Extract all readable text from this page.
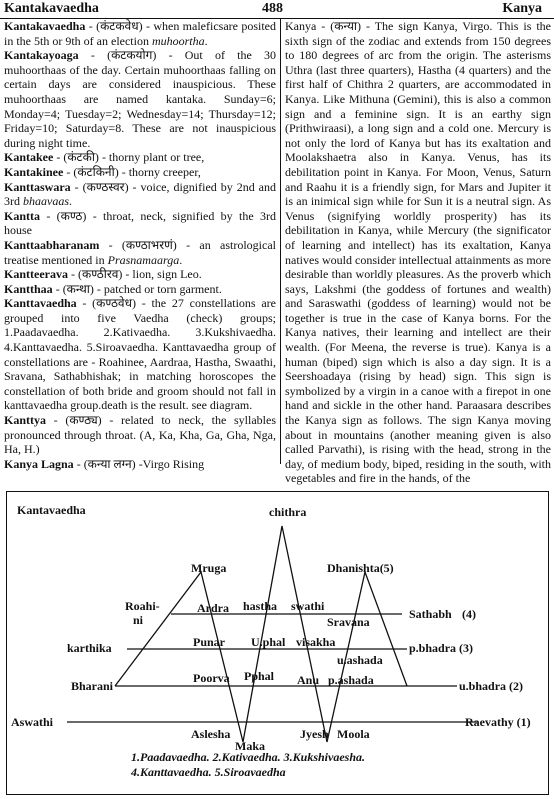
Kantakavaedha	488	Kanya

Kantakavaedha - (कंटकवेध) - when maleficsare posited in the 5th or 9th of an election muhoortha.

Kantakayoaga - (कंटकयोग) - Out of the 30 muhoorthaas of the day. Certain muhoorthaas falling on certain days are considered inauspicious. These muhoorthaas are named kantaka. Sunday=6; Monday=4; Tuesday=2; Wednesday=14; Thursday=12; Friday=10; Saturday=8. These are not inauspicious during night time.

Kantakee - (कंटकी) - thorny plant or tree,

Kantakinee - (कंटकिनी) - thorny creeper,

Kanttaswara - (कण्ठस्वर) - voice, dignified by 2nd and 3rd bhaavaas.

Kantta - (कण्ठ) - throat, neck, signified by the 3rd house

Kanttaabharanam - (कण्ठाभरणं) - an astrological treatise mentioned in Prasnamaarga.

Kantteerava - (कण्ठीरव) - lion, sign Leo.

Kantthaa - (कन्था) - patched or torn garment.

Kanttavaedha - (कण्ठवेध) - the 27 constellations are grouped into five Vaedha (check) groups; 1.Paadavaedha. 2.Kativaedha. 3.Kukshivaedha. 4.Kanttavaedha. 5.Siroavaedha. Kanttavaedha group of constellations are - Roahinee, Aardraa, Hastha, Swaathi, Sravana, Sathabhishak; in matching horoscopes the constellation of both bride and groom should not fall in kanttavaedha group.death is the result. see diagram.

Kanttya - (कण्ठ्य) - related to neck, the syllables pronounced through throat. (A, Ka, Kha, Ga, Gha, Nga, Ha, H.)

Kanya Lagna - (कन्या लग्न) -Virgo Rising

Kanya - (कन्या) - The sign Kanya, Virgo. This is the sixth sign of the zodiac and extends from 150 degrees to 180 degrees of arc from the origin. The asterisms Uthra (last three quarters), Hastha (4 quarters) and the first half of Chithra 2 quarters, are accommodated in Kanya. Like Mithuna (Gemini), this is also a common sign and a feminine sign. It is an earthy sign (Prithwiraasi), a long sign and a cold one. Mercury is not only the lord of Kanya but has its exaltation and Moolakshaetra also in Kanya. Venus, has its debilitation point in Kanya. For Moon, Venus, Saturn and Raahu it is a friendly sign, for Mars and Jupiter it is an inimical sign while for Sun it is a neutral sign. As Venus (signifying worldly prosperity) has its debilitation in Kanya, while Mercury (the significator of learning and intellect) has its exaltation, Kanya natives would consider intellectual attainments as more desirable than worldly pleasures. As the proverb which says, Lakshmi (the goddess of fortunes and wealth) and Saraswathi (goddess of learning) would not be together is true in the case of Kanya borns. For the Kanya natives, their learning and intellect are their wealth. (For Meena, the reverse is true). Kanya is a human (biped) sign which is also a day sign. It is a Seershoadaya (rising by head) sign. This sign is symbolized by a virgin in a canoe with a firepot in one hand and sickle in the other hand. Paraasara describes the Kanya sign as follows. The sign Kanya moving about in mountains (another meaning given is also called Parvathi), is rising with the head, strong in the day, of medium body, biped, residing in the south, with vegetables and fire in the hands, of the

Kantavaedha	chithra
Mruga	Dhanishta(5)
Roahi-
ni
Ardra hastha swathi
Sravana
Sathabh (4)
karthika	Punar U.phal visakha
u.ashada
p.bhadra (3)
Bharani
Poorva Pphal Anu p.ashada	u.bhadra (2)
Aswathi
Aslesha
Maka
Jyesh Moola
Raevathy (1)
1.Paadavaedha. 2.Kativaedha. 3.Kukshivaesha.
4.Kanttavaedha. 5.Siroavaedha
